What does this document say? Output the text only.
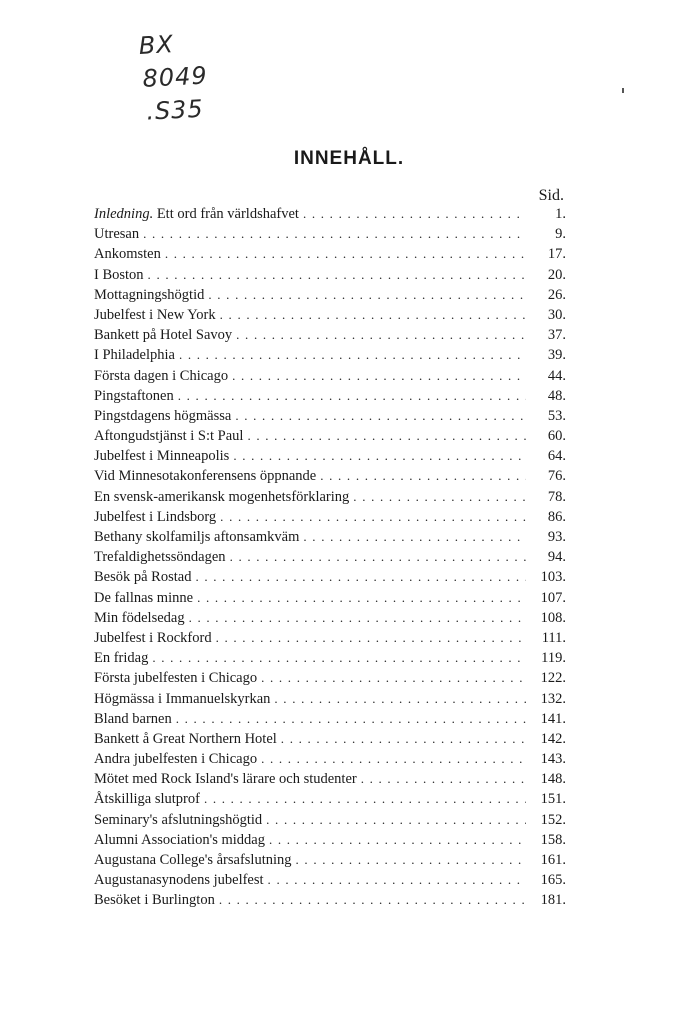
BX
8049
.S35
INNEHÅLL.
Sid.
Inledning. Ett ord från världshafvet . . .	1.
Utresan . . .	9.
Ankomsten . . .	17.
I Boston . . .	20.
Mottagningshögtid . . .	26.
Jubelfest i New York . . .	30.
Bankett på Hotel Savoy . . .	37.
I Philadelphia . . .	39.
Första dagen i Chicago . . .	44.
Pingstaftonen . . .	48.
Pingstdagens högmässa . . .	53.
Aftongudstjänst i S:t Paul . . .	60.
Jubelfest i Minneapolis . . .	64.
Vid Minnesotakonferensens öppnande . . .	76.
En svensk-amerikansk mogenhetsförklaring . . .	78.
Jubelfest i Lindsborg . . .	86.
Bethany skolfamiljs aftonsamkväm . . .	93.
Trefaldighetssöndagen . . .	94.
Besök på Rostad . . .	103.
De fallnas minne . . .	107.
Min födelsedag . . .	108.
Jubelfest i Rockford . . .	111.
En fridag . . .	119.
Första jubelfesten i Chicago . . .	122.
Högmässa i Immanuelskyrkan . . .	132.
Bland barnen . . .	141.
Bankett å Great Northern Hotel . . .	142.
Andra jubelfesten i Chicago . . .	143.
Mötet med Rock Island's lärare och studenter . . .	148.
Åtskilliga slutprof . . .	151.
Seminary's afslutningshögtid . . .	152.
Alumni Association's middag . . .	158.
Augustana College's årsafslutning . . .	161.
Augustanasynodens jubelfest . . .	165.
Besöket i Burlington . . .	181.
